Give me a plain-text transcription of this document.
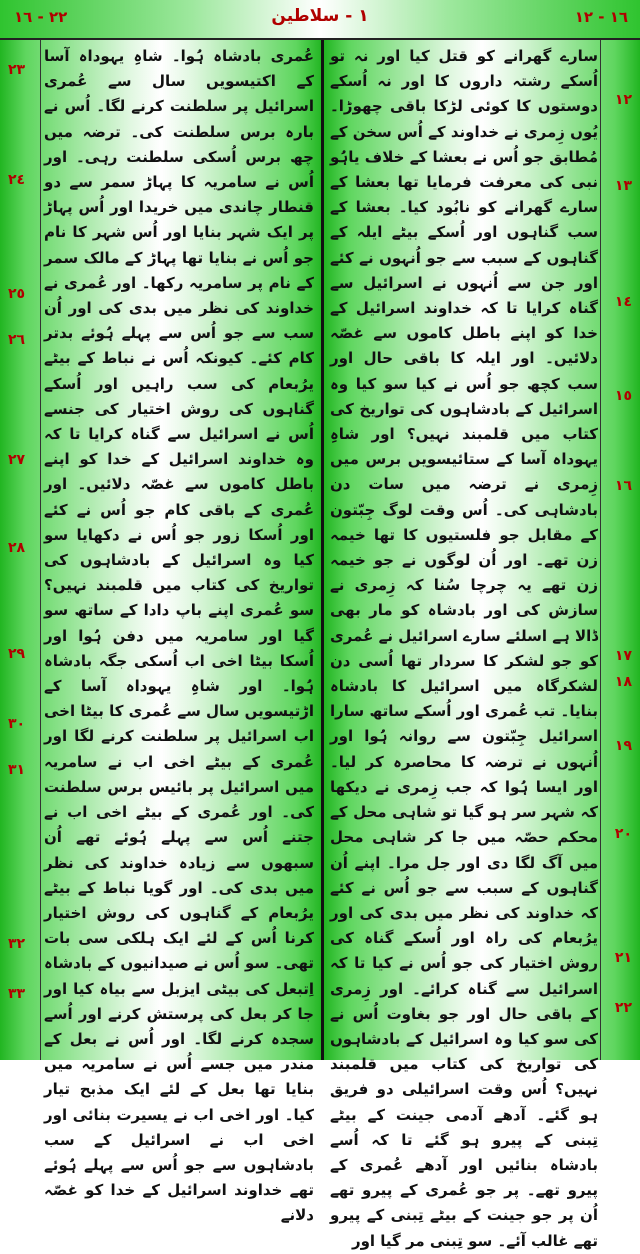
٢٢ - ١٦	١ - سلاطین	١٦ - ١٢
عُمری بادشاہ ہُوا۔ شاہِ یہوداہ آسا کے اکتیسویں سال سے عُمری اسرائیل پر سلطنت کرنے لگا۔ اُس نے بارہ برس سلطنت کی۔ ترضہ میں چھ برس اُسکی سلطنت رہی۔ اور اُس نے سامریہ کا پہاڑ سمر سے دو قنطار چاندی میں خریدا اور اُس پہاڑ پر ایک شہر بنایا اور اُس شہر کا نام جو اُس نے بنایا تھا پہاڑ کے مالک سمر کے نام پر سامریہ رکھا۔ اور عُمری نے خداوند کی نظر میں بدی کی اور اُن سب سے جو اُس سے پہلے ہُوئے بدتر کام کئے۔ کیونکہ اُس نے نباط کے بیٹے یرُبعام کی سب راہیں اور اُسکے گناہوں کی روش اختیار کی جنسے اُس نے اسرائیل سے گناہ کرایا تا کہ وہ خداوند اسرائیل کے خدا کو اپنے باطل کاموں سے غصّہ دلائیں۔ اور عُمری کے باقی کام جو اُس نے کئے اور اُسکا زور جو اُس نے دکھایا سو کیا وہ اسرائیل کے بادشاہوں کی تواریخ کی کتاب میں قلمبند نہیں؟ سو عُمری اپنے باپ دادا کے ساتھ سو گیا اور سامریہ میں دفن ہُوا اور اُسکا بیٹا اخی اب اُسکی جگہ بادشاہ ہُوا۔ اور شاہِ یہوداہ آسا کے اڑتیسویں سال سے عُمری کا بیٹا اخی اب اسرائیل پر سلطنت کرنے لگا اور عُمری کے بیٹے اخی اب نے سامریہ میں اسرائیل پر بائیس برس سلطنت کی۔ اور عُمری کے بیٹے اخی اب نے جتنے اُس سے پہلے ہُوئے تھے اُن سبھوں سے زیادہ خداوند کی نظر میں بدی کی۔ اور گویا نباط کے بیٹے یرُبعام کے گناہوں کی روش اختیار کرنا اُس کے لئے ایک ہلکی سی بات تھی۔ سو اُس نے صیدانیوں کے بادشاہ اِتبعل کی بیٹی ایزبل سے بیاہ کیا اور جا کر بعل کی پرستش کرنے اور اُسے سجدہ کرنے لگا۔ اور اُس نے بعل کے مندر میں جسے اُس نے سامریہ میں بنایا تھا بعل کے لئے ایک مذبح تیار کیا۔ اور اخی اب نے یسیرت بنائی اور اخی اب نے اسرائیل کے سب بادشاہوں سے جو اُس سے پہلے ہُوئے تھے خداوند اسرائیل کے خدا کو غصّہ دلانے
سارے گھرانے کو قتل کیا اور نہ تو اُسکے رشتہ داروں کا اور نہ اُسکے دوستوں کا کوئی لڑکا باقی چھوڑا۔ یُوں زِمری نے خداوند کے اُس سخن کے مُطابق جو اُس نے بعشا کے خلاف یاہُو نبی کی معرفت فرمایا تھا بعشا کے سارے گھرانے کو نابُود کیا۔ بعشا کے سب گناہوں اور اُسکے بیٹے ایلہ کے گناہوں کے سبب سے جو اُنہوں نے کئے اور جن سے اُنہوں نے اسرائیل سے گناہ کرایا تا کہ خداوند اسرائیل کے خدا کو اپنے باطل کاموں سے غصّہ دلائیں۔ اور ایلہ کا باقی حال اور سب کچھ جو اُس نے کیا سو کیا وہ اسرائیل کے بادشاہوں کی تواریخ کی کتاب میں قلمبند نہیں؟ اور شاہِ یہوداہ آسا کے ستائیسویں برس میں زِمری نے ترضہ میں سات دن بادشاہی کی۔ اُس وقت لوگ جِبّتون کے مقابل جو فلستیوں کا تھا خیمہ زن تھے۔ اور اُن لوگوں نے جو خیمہ زن تھے یہ چرچا سُنا کہ زِمری نے سازش کی اور بادشاہ کو مار بھی ڈالا ہے اسلئے سارے اسرائیل نے عُمری کو جو لشکر کا سردار تھا اُسی دن لشکرگاہ میں اسرائیل کا بادشاہ بنایا۔ تب عُمری اور اُسکے ساتھ سارا اسرائیل جِبّتون سے روانہ ہُوا اور اُنہوں نے ترضہ کا محاصرہ کر لیا۔ اور ایسا ہُوا کہ جب زِمری نے دیکھا کہ شہر سر ہو گیا تو شاہی محل کے محکم حصّہ میں جا کر شاہی محل میں آگ لگا دی اور جل مرا۔ اپنے اُن گناہوں کے سبب سے جو اُس نے کئے کہ خداوند کی نظر میں بدی کی اور یرُبعام کی راہ اور اُسکے گناہ کی روش اختیار کی جو اُس نے کیا تا کہ اسرائیل سے گناہ کرائے۔ اور زِمری کے باقی حال اور جو بغاوت اُس نے کی سو کیا وہ اسرائیل کے بادشاہوں کی تواریخ کی کتاب میں قلمبند نہیں؟ اُس وقت اسرائیلی دو فریق ہو گئے۔ آدھے آدمی جینت کے بیٹے تِبنی کے پیرو ہو گئے تا کہ اُسے بادشاہ بنائیں اور آدھے عُمری کے پیرو تھے۔ پر جو عُمری کے پیرو تھے اُن پر جو جینت کے بیٹے تِبنی کے پیرو تھے غالب آئے۔ سو تِبنی مر گیا اور
٢٣
٢٤
٢٥
٢٦
٢٧
٢٨
٢٩
٣٠
٣١
٣٢
٣٣
١٢
١٣
١٤
١٥
١٦
١٧
١٨
١٩
٢٠
٢١
٢٢
